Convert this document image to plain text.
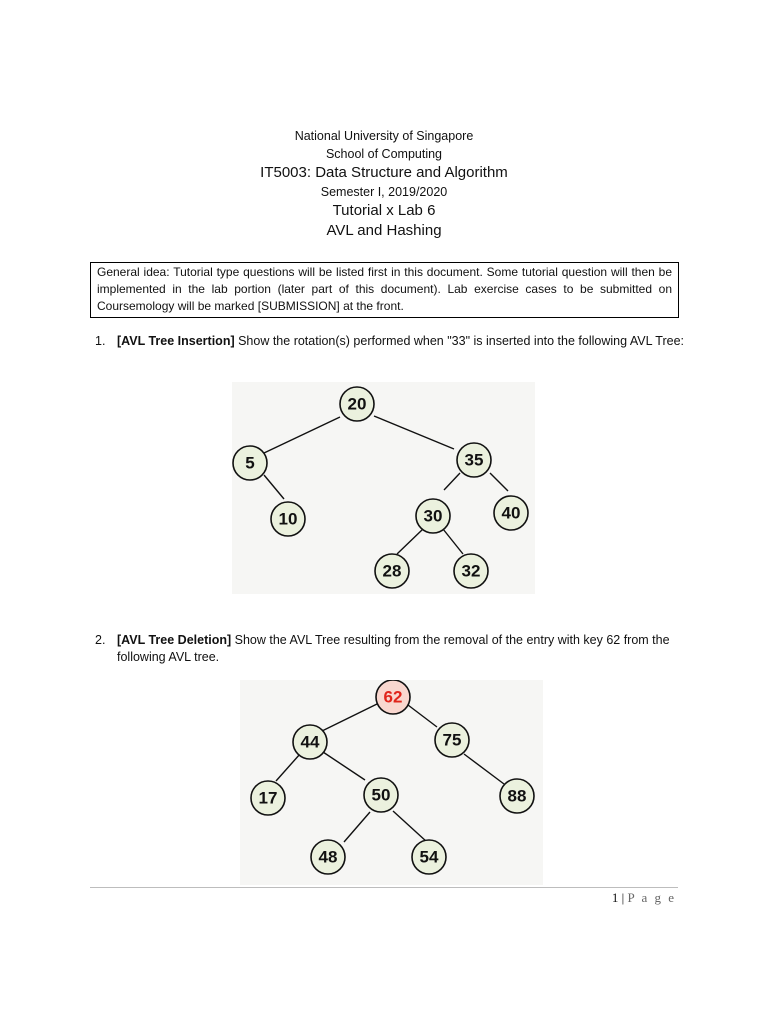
National University of Singapore
School of Computing
IT5003: Data Structure and Algorithm
Semester I, 2019/2020
Tutorial x Lab 6
AVL and Hashing
General idea: Tutorial type questions will be listed first in this document. Some tutorial question will then be implemented in the lab portion (later part of this document). Lab exercise cases to be submitted on Coursemology will be marked [SUBMISSION] at the front.
1. [AVL Tree Insertion] Show the rotation(s) performed when "33" is inserted into the following AVL Tree:
20
5	35
10	30	40
28	32
2. [AVL Tree Deletion] Show the AVL Tree resulting from the removal of the entry with key 62 from the following AVL tree.
62
44	75
17	50	88
48	54
1 | P a g e
